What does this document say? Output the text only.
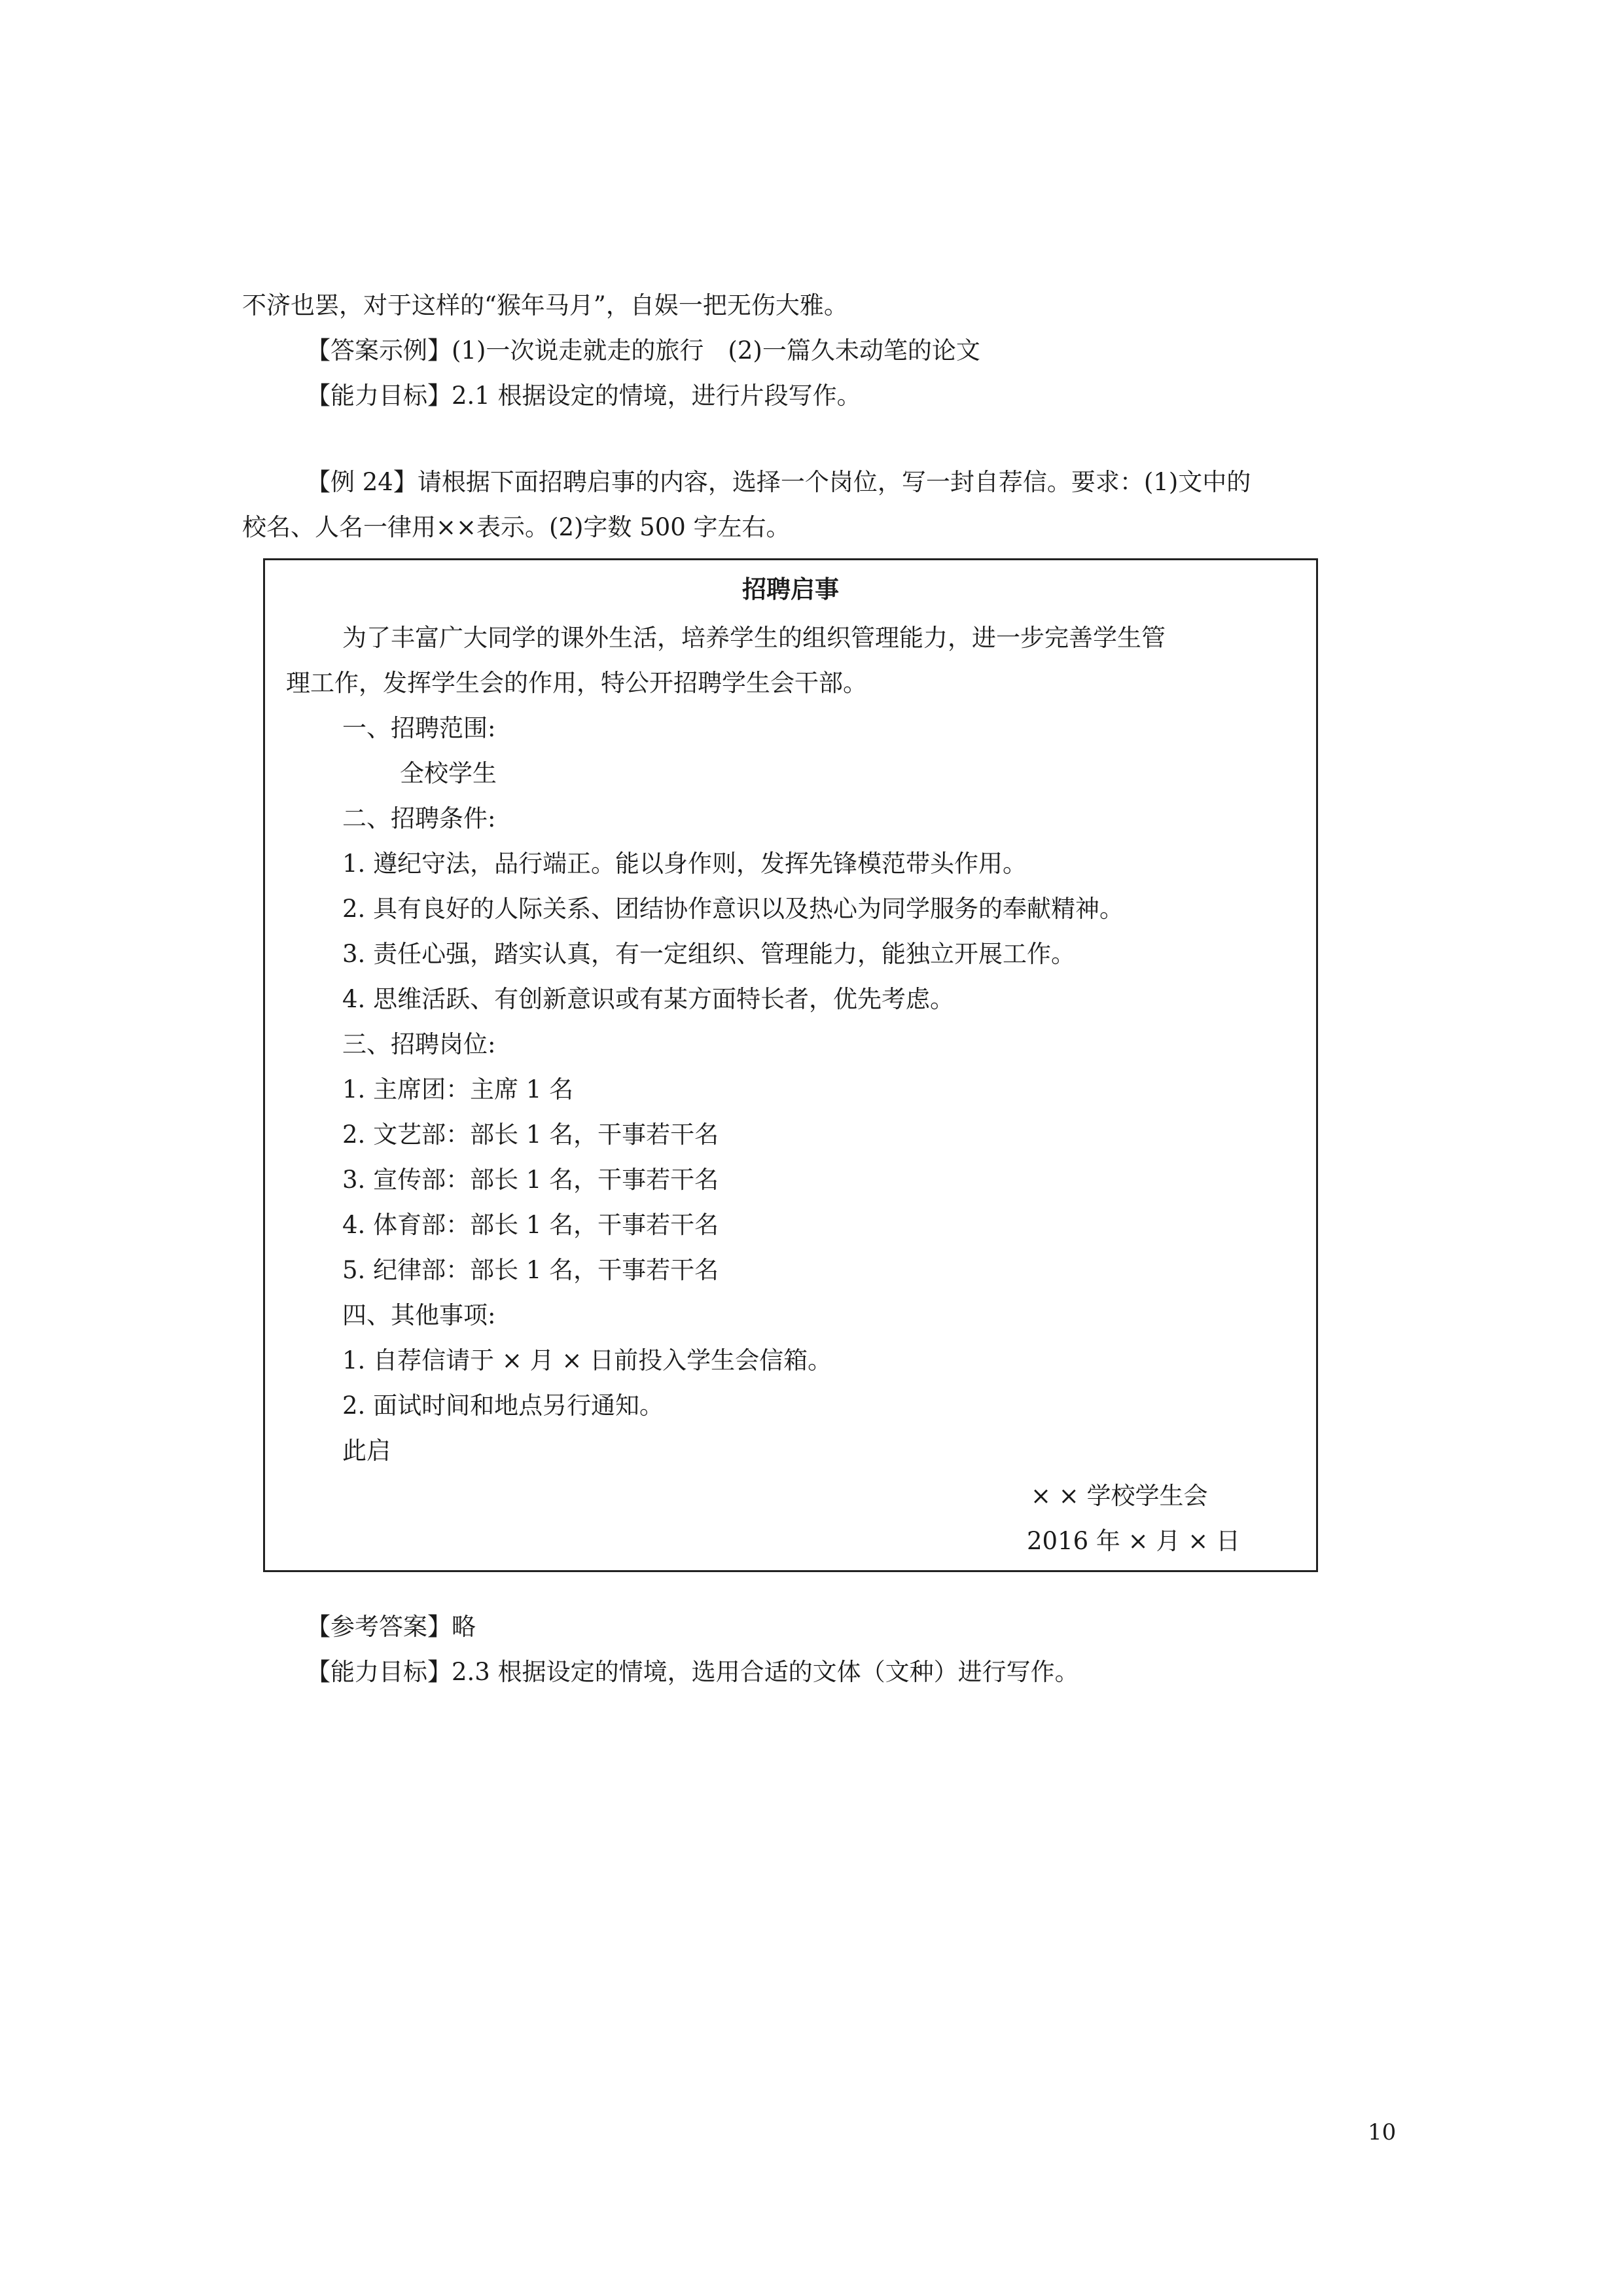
不济也罢，对于这样的“猴年马月”，自娱一把无伤大雅。

【答案示例】(1)一次说走就走的旅行　(2)一篇久未动笔的论文

【能力目标】2.1 根据设定的情境，进行片段写作。

【例 24】请根据下面招聘启事的内容，选择一个岗位，写一封自荐信。要求：(1)文中的

校名、人名一律用××表示。(2)字数 500 字左右。

招聘启事

为了丰富广大同学的课外生活，培养学生的组织管理能力，进一步完善学生管

理工作，发挥学生会的作用，特公开招聘学生会干部。

一、招聘范围:

全校学生

二、招聘条件:

1. 遵纪守法，品行端正。能以身作则，发挥先锋模范带头作用。

2. 具有良好的人际关系、团结协作意识以及热心为同学服务的奉献精神。

3. 责任心强，踏实认真，有一定组织、管理能力，能独立开展工作。

4. 思维活跃、有创新意识或有某方面特长者，优先考虑。

三、招聘岗位:

1. 主席团：主席 1 名

2. 文艺部：部长 1 名，干事若干名

3. 宣传部：部长 1 名，干事若干名

4. 体育部：部长 1 名，干事若干名

5. 纪律部：部长 1 名，干事若干名

四、其他事项:

1. 自荐信请于 × 月 × 日前投入学生会信箱。

2. 面试时间和地点另行通知。

此启

× × 学校学生会

2016 年 × 月 × 日

【参考答案】略

【能力目标】2.3 根据设定的情境，选用合适的文体（文种）进行写作。

10
